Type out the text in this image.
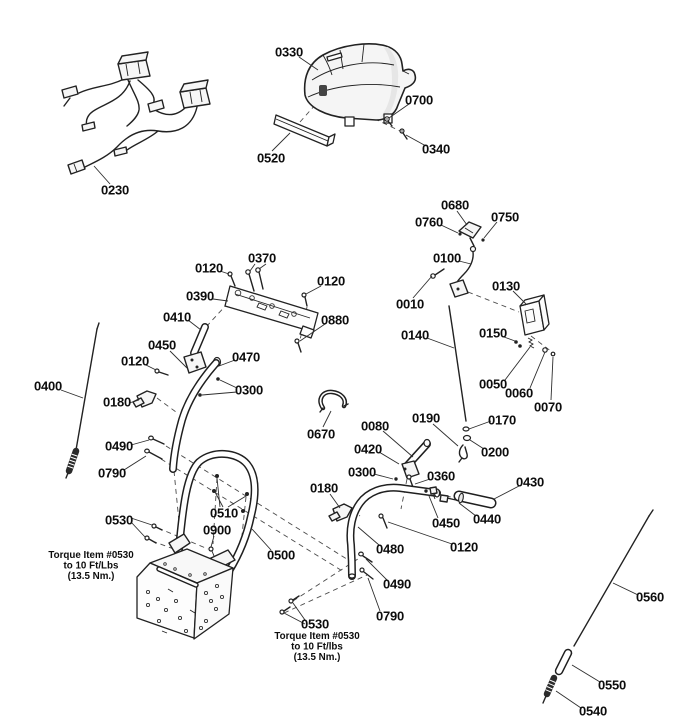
0330
0700
0340
0520
0230
0680
0760	0750
0100
0010
0130
0140	0150
0050
0060
0070
0120
0370
0390
0120
0880
0410
0450
0120	0470
0400
0180
0300
0490
0790
0670
0080
0190	0170
0200
0420
0300	0360
0180	0430
0440
0450
0120
0480
0530	0510
0900
0500
0490
0790
0530
0560
0550
0540
Torque Item #0530
to 10 Ft/Lbs
(13.5 Nm.)
Torque Item #0530
to 10 Ft/lbs
(13.5 Nm.)
